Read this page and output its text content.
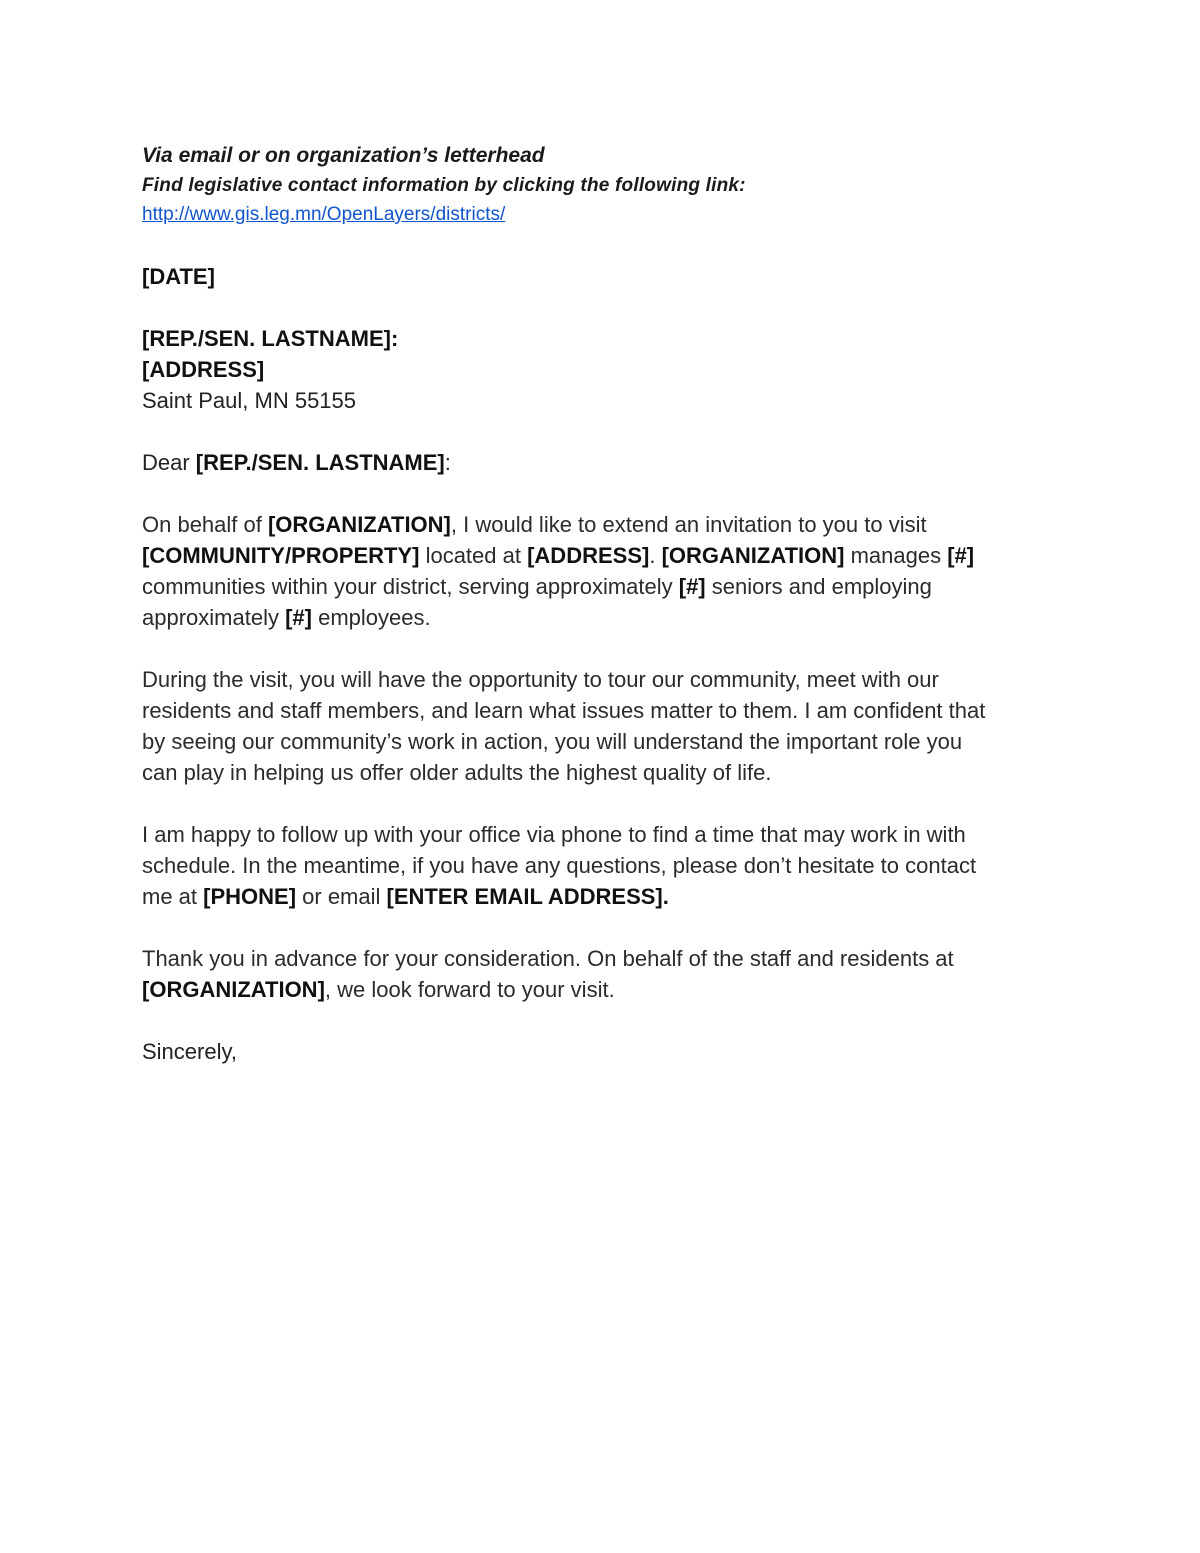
Via email or on organization’s letterhead

Find legislative contact information by clicking the following link:

http://www.gis.leg.mn/OpenLayers/districts/

[DATE]

[REP./SEN. LASTNAME]:

[ADDRESS]

Saint Paul, MN 55155

Dear [REP./SEN. LASTNAME]:

On behalf of [ORGANIZATION], I would like to extend an invitation to you to visit

[COMMUNITY/PROPERTY] located at [ADDRESS]. [ORGANIZATION] manages [#]

communities within your district, serving approximately [#] seniors and employing

approximately [#] employees.

During the visit, you will have the opportunity to tour our community, meet with our

residents and staff members, and learn what issues matter to them. I am confident that

by seeing our community’s work in action, you will understand the important role you

can play in helping us offer older adults the highest quality of life.

I am happy to follow up with your office via phone to find a time that may work in with

schedule. In the meantime, if you have any questions, please don’t hesitate to contact

me at [PHONE] or email [ENTER EMAIL ADDRESS].

Thank you in advance for your consideration. On behalf of the staff and residents at

[ORGANIZATION], we look forward to your visit.

Sincerely,
